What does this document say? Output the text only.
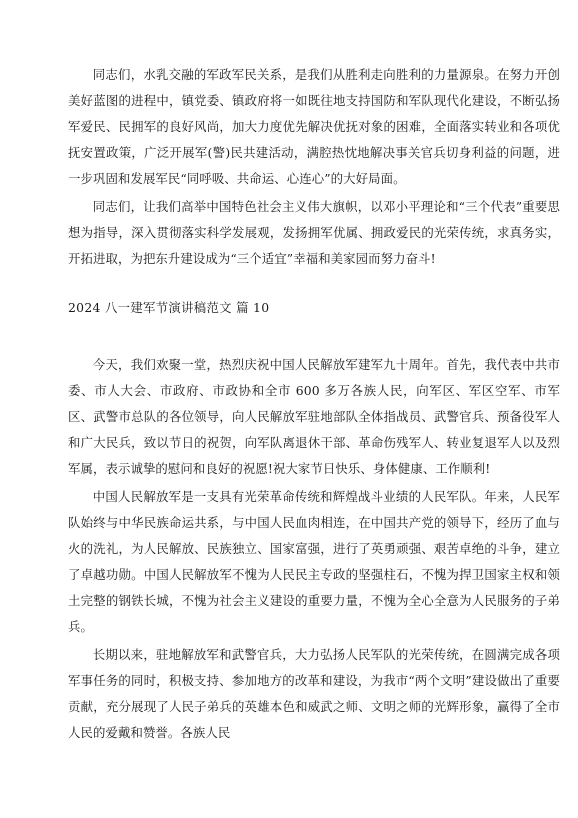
同志们，水乳交融的军政军民关系，是我们从胜利走向胜利的力量源泉。在努力开创美好蓝图的进程中，镇党委、镇政府将一如既往地支持国防和军队现代化建设，不断弘扬军爱民、民拥军的良好风尚，加大力度优先解决优抚对象的困难，全面落实转业和各项优抚安置政策，广泛开展军(警)民共建活动，满腔热忱地解决事关官兵切身利益的问题，进一步巩固和发展军民“同呼吸、共命运、心连心”的大好局面。

同志们，让我们高举中国特色社会主义伟大旗帜，以邓小平理论和“三个代表”重要思想为指导，深入贯彻落实科学发展观，发扬拥军优属、拥政爱民的光荣传统，求真务实，开拓进取，为把东升建设成为“三个适宜”幸福和美家园而努力奋斗!

2024 八一建军节演讲稿范文 篇 10

今天，我们欢聚一堂，热烈庆祝中国人民解放军建军九十周年。首先，我代表中共市委、市人大会、市政府、市政协和全市 600 多万各族人民，向军区、军区空军、市军区、武警市总队的各位领导，向人民解放军驻地部队全体指战员、武警官兵、预备役军人和广大民兵，致以节日的祝贺，向军队离退休干部、革命伤残军人、转业复退军人以及烈军属，表示诚挚的慰问和良好的祝愿!祝大家节日快乐、身体健康、工作顺利!

中国人民解放军是一支具有光荣革命传统和辉煌战斗业绩的人民军队。年来，人民军队始终与中华民族命运共系，与中国人民血肉相连，在中国共产党的领导下，经历了血与火的洗礼，为人民解放、民族独立、国家富强，进行了英勇顽强、艰苦卓绝的斗争，建立了卓越功勋。中国人民解放军不愧为人民民主专政的坚强柱石，不愧为捍卫国家主权和领土完整的钢铁长城，不愧为社会主义建设的重要力量，不愧为全心全意为人民服务的子弟兵。

长期以来，驻地解放军和武警官兵，大力弘扬人民军队的光荣传统，在圆满完成各项军事任务的同时，积极支持、参加地方的改革和建设，为我市“两个文明”建设做出了重要贡献，充分展现了人民子弟兵的英雄本色和威武之师、文明之师的光辉形象，赢得了全市人民的爱戴和赞誉。各族人民
